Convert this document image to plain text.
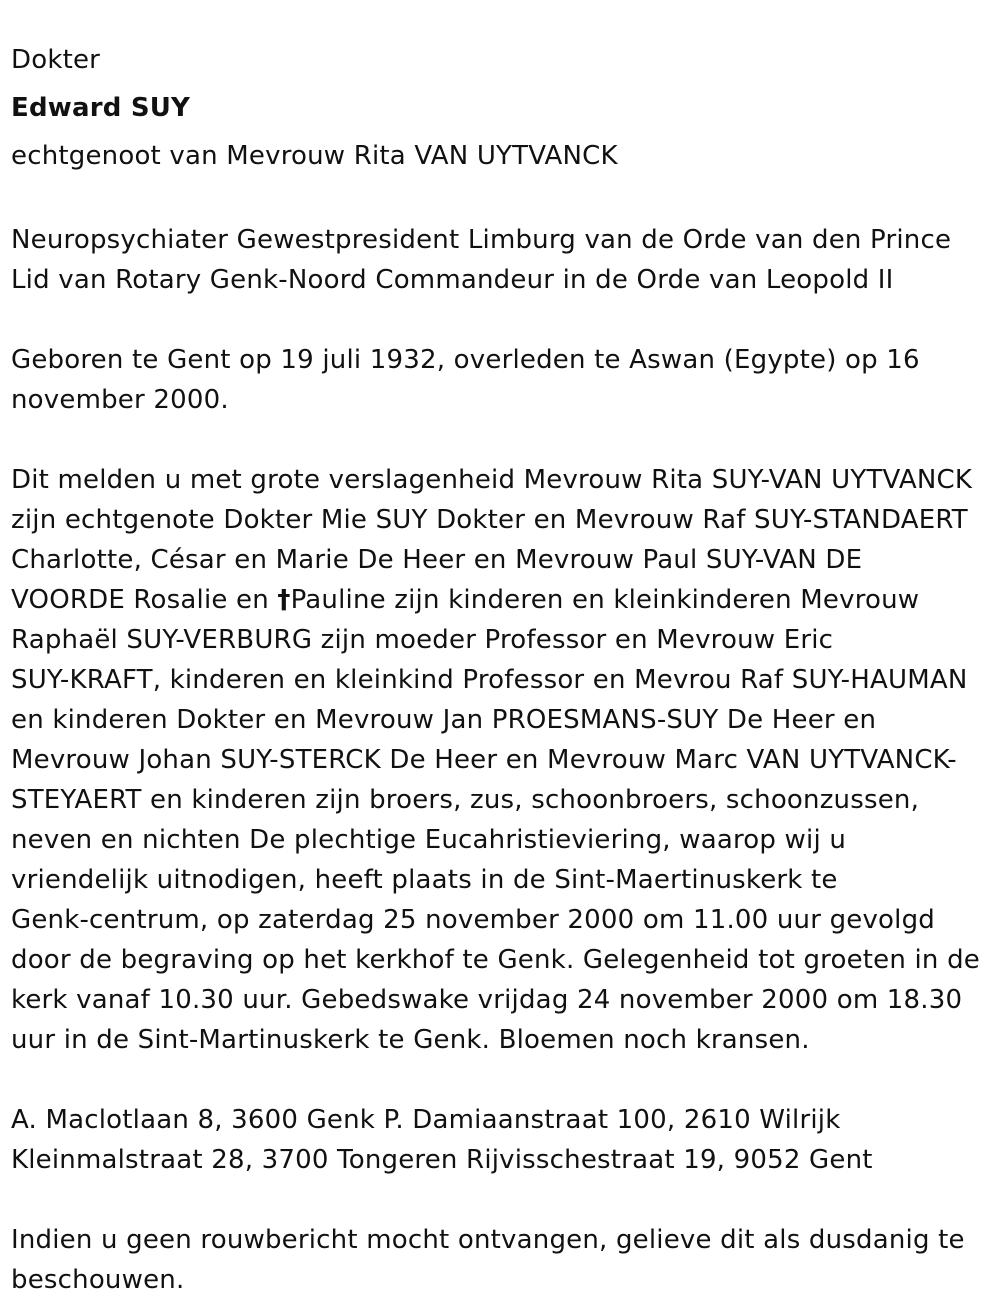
Dokter
Edward SUY
echtgenoot van Mevrouw Rita VAN UYTVANCK
Neuropsychiater Gewestpresident Limburg van de Orde van den Prince
Lid van Rotary Genk-Noord Commandeur in de Orde van Leopold II
Geboren te Gent op 19 juli 1932, overleden te Aswan (Egypte) op 16
november 2000.
Dit melden u met grote verslagenheid Mevrouw Rita SUY-VAN UYTVANCK
zijn echtgenote Dokter Mie SUY Dokter en Mevrouw Raf SUY-STANDAERT
Charlotte, César en Marie De Heer en Mevrouw Paul SUY-VAN DE
VOORDE Rosalie en †Pauline zijn kinderen en kleinkinderen Mevrouw
Raphaël SUY-VERBURG zijn moeder Professor en Mevrouw Eric
SUY-KRAFT, kinderen en kleinkind Professor en Mevrou Raf SUY-HAUMAN
en kinderen Dokter en Mevrouw Jan PROESMANS-SUY De Heer en
Mevrouw Johan SUY-STERCK De Heer en Mevrouw Marc VAN UYTVANCK-
STEYAERT en kinderen zijn broers, zus, schoonbroers, schoonzussen,
neven en nichten De plechtige Eucahristieviering, waarop wij u
vriendelijk uitnodigen, heeft plaats in de Sint-Maertinuskerk te
Genk-centrum, op zaterdag 25 november 2000 om 11.00 uur gevolgd
door de begraving op het kerkhof te Genk. Gelegenheid tot groeten in de
kerk vanaf 10.30 uur. Gebedswake vrijdag 24 november 2000 om 18.30
uur in de Sint-Martinuskerk te Genk. Bloemen noch kransen.
A. Maclotlaan 8, 3600 Genk P. Damiaanstraat 100, 2610 Wilrijk
Kleinmalstraat 28, 3700 Tongeren Rijvisschestraat 19, 9052 Gent
Indien u geen rouwbericht mocht ontvangen, gelieve dit als dusdanig te
beschouwen.
